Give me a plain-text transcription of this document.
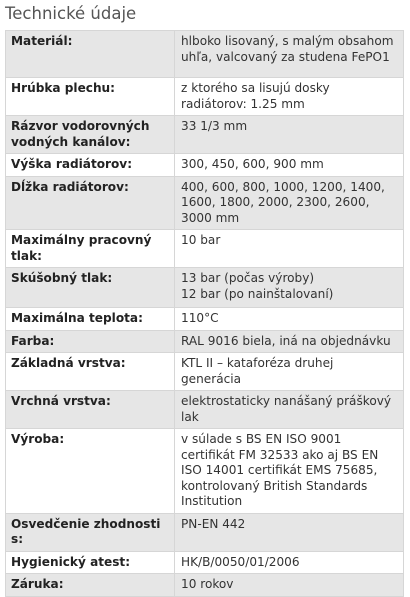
Technické údaje
Materiál:	hlboko lisovaný, s malým obsahom uhľa, valcovaný za studena FePO1
Hrúbka plechu:	z ktorého sa lisujú dosky radiátorov: 1.25 mm
Rázvor vodorovných vodných kanálov:	33 1/3 mm
Výška radiátorov:	300, 450, 600, 900 mm
Dĺžka radiátorov:	400, 600, 800, 1000, 1200, 1400, 1600, 1800, 2000, 2300, 2600, 3000 mm
Maximálny pracovný tlak:	10 bar
Skúšobný tlak:	13 bar (počas výroby)
12 bar (po nainštalovaní)
Maximálna teplota:	110°C
Farba:	RAL 9016 biela, iná na objednávku
Základná vrstva:	KTL II – kataforéza druhej generácia
Vrchná vrstva:	elektrostaticky nanášaný práškový lak
Výroba:	v súlade s BS EN ISO 9001 certifikát FM 32533 ako aj BS EN ISO 14001 certifikát EMS 75685, kontrolovaný British Standards Institution
Osvedčenie zhodnosti s:	PN-EN 442
Hygienický atest:	HK/B/0050/01/2006
Záruka:	10 rokov
